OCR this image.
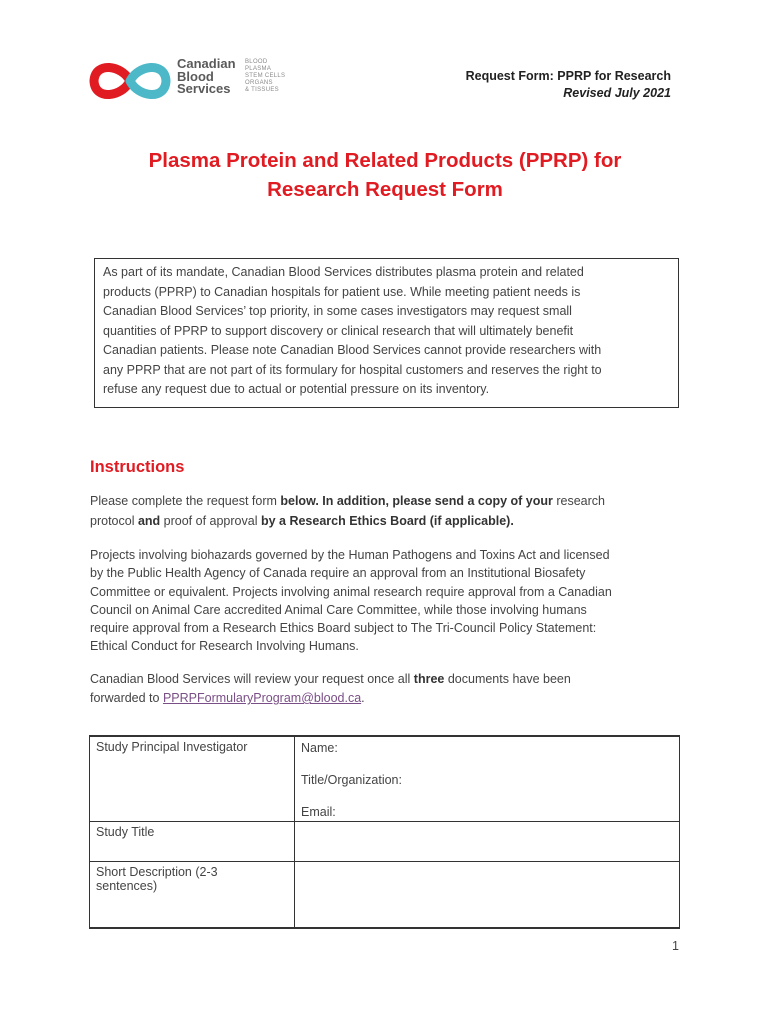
Canadian
Blood
Services
BLOOD
PLASMA
STEM CELLS
ORGANS
& TISSUES
Request Form: PPRP for Research
Revised July 2021
Plasma Protein and Related Products (PPRP) for
Research Request Form
As part of its mandate, Canadian Blood Services distributes plasma protein and related
products (PPRP) to Canadian hospitals for patient use. While meeting patient needs is
Canadian Blood Services’ top priority, in some cases investigators may request small
quantities of PPRP to support discovery or clinical research that will ultimately benefit
Canadian patients. Please note Canadian Blood Services cannot provide researchers with
any PPRP that are not part of its formulary for hospital customers and reserves the right to
refuse any request due to actual or potential pressure on its inventory.
Instructions
Please complete the request form below. In addition, please send a copy of your research
protocol and proof of approval by a Research Ethics Board (if applicable).
Projects involving biohazards governed by the Human Pathogens and Toxins Act and licensed
by the Public Health Agency of Canada require an approval from an Institutional Biosafety
Committee or equivalent. Projects involving animal research require approval from a Canadian
Council on Animal Care accredited Animal Care Committee, while those involving humans
require approval from a Research Ethics Board subject to The Tri-Council Policy Statement:
Ethical Conduct for Research Involving Humans.
Canadian Blood Services will review your request once all three documents have been
forwarded to PPRPFormularyProgram@blood.ca.
Study Principal Investigator	Name:
Title/Organization:
Email:

Study Title	

Short Description (2-3
sentences)	

1
